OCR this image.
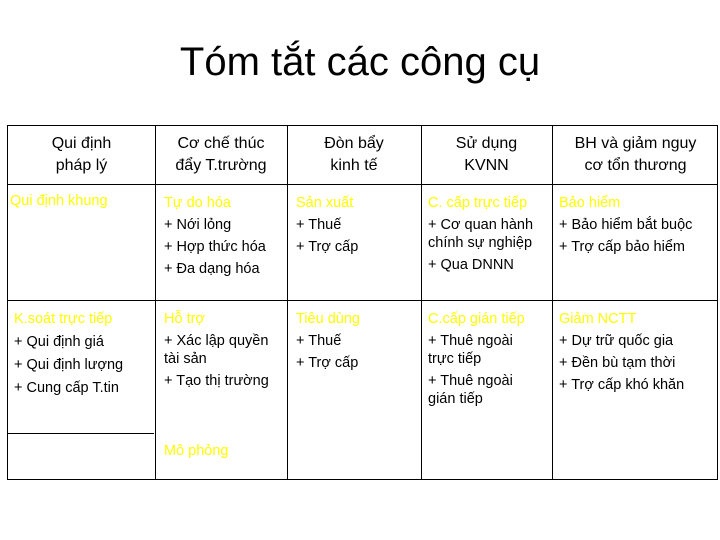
Tóm tắt các công cụ
Qui định
pháp lý
Cơ chế thúc
đẩy T.trường
Đòn bẩy
kinh tế
Sử dụng
KVNN
BH và giảm nguy
cơ tổn thương
Qui định khung	Tự do hóa
+ Nới lỏng
+ Hợp thức hóa
+ Đa dạng hóa
Sản xuất
+ Thuế
+ Trợ cấp
C. cấp trực tiếp
+ Cơ quan hành
chính sự nghiệp
+ Qua DNNN
Bảo hiểm
+ Bảo hiểm bắt buộc
+ Trợ cấp bảo hiểm
K.soát trực tiếp
+ Qui định giá
+ Qui định lượng
+ Cung cấp T.tin
Hỗ trợ
+ Xác lập quyền
tài sản
+ Tạo thị trường
Tiêu dùng
+ Thuế
+ Trợ cấp
C.cấp gián tiếp
+ Thuê ngoài
trực tiếp
+ Thuê ngoài
gián tiếp
Giảm NCTT
+ Dự trữ quốc gia
+ Đền bù tạm thời
+ Trợ cấp khó khăn
Mô phỏng
